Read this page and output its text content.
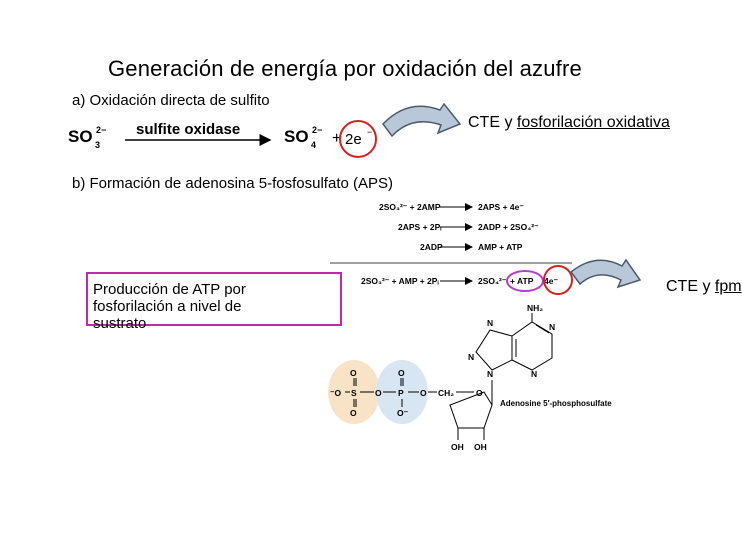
Generación de energía por oxidación del azufre
a) Oxidación directa de sulfito
CTE y fosforilación oxidativa
b) Formación de adenosina 5-fosfosulfato (APS)
CTE y fpm
Producción de ATP por
fosforilación a nivel de
sustrato
SO 3
2− sulfite oxidase	SO 4
2− + 2e −
2SO₃²⁻ + 2AMP	2APS + 4e⁻
2APS + 2Pᵢ	2ADP + 2SO₄²⁻
2ADP	AMP + ATP
2SO₃²⁻ + AMP + 2Pᵢ	2SO₄²⁻ + ATP 4e⁻
O
S
O
⁻O	O
O
P
O⁻
O CH₂	O
NH₂
N	N
N
N
N
OH OH
Adenosine 5′-phosphosulfate
